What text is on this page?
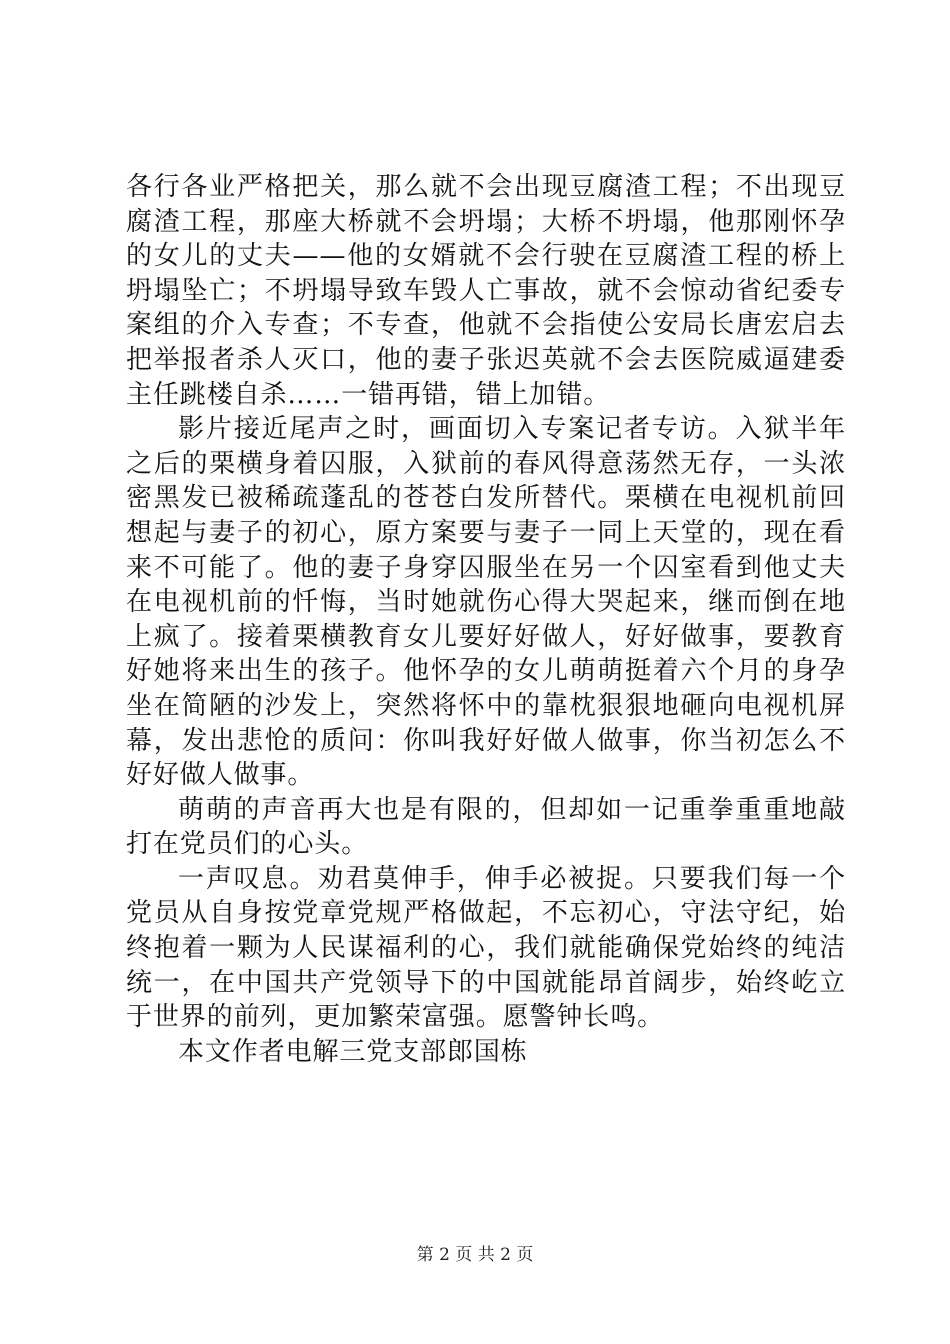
各行各业严格把关，那么就不会出现豆腐渣工程；不出现豆腐渣工程，那座大桥就不会坍塌；大桥不坍塌，他那刚怀孕的女儿的丈夫——他的女婿就不会行驶在豆腐渣工程的桥上坍塌坠亡；不坍塌导致车毁人亡事故，就不会惊动省纪委专案组的介入专查；不专查，他就不会指使公安局长唐宏启去把举报者杀人灭口，他的妻子张迟英就不会去医院威逼建委主任跳楼自杀……一错再错，错上加错。

影片接近尾声之时，画面切入专案记者专访。入狱半年之后的栗横身着囚服，入狱前的春风得意荡然无存，一头浓密黑发已被稀疏蓬乱的苍苍白发所替代。栗横在电视机前回想起与妻子的初心，原方案要与妻子一同上天堂的，现在看来不可能了。他的妻子身穿囚服坐在另一个囚室看到他丈夫在电视机前的忏悔，当时她就伤心得大哭起来，继而倒在地上疯了。接着栗横教育女儿要好好做人，好好做事，要教育好她将来出生的孩子。他怀孕的女儿萌萌挺着六个月的身孕坐在简陋的沙发上，突然将怀中的靠枕狠狠地砸向电视机屏幕，发出悲怆的质问：你叫我好好做人做事，你当初怎么不好好做人做事。

萌萌的声音再大也是有限的，但却如一记重拳重重地敲打在党员们的心头。

一声叹息。劝君莫伸手，伸手必被捉。只要我们每一个党员从自身按党章党规严格做起，不忘初心，守法守纪，始终抱着一颗为人民谋福利的心，我们就能确保党始终的纯洁统一，在中国共产党领导下的中国就能昂首阔步，始终屹立于世界的前列，更加繁荣富强。愿警钟长鸣。

本文作者电解三党支部郎国栋

第 2 页 共 2 页
